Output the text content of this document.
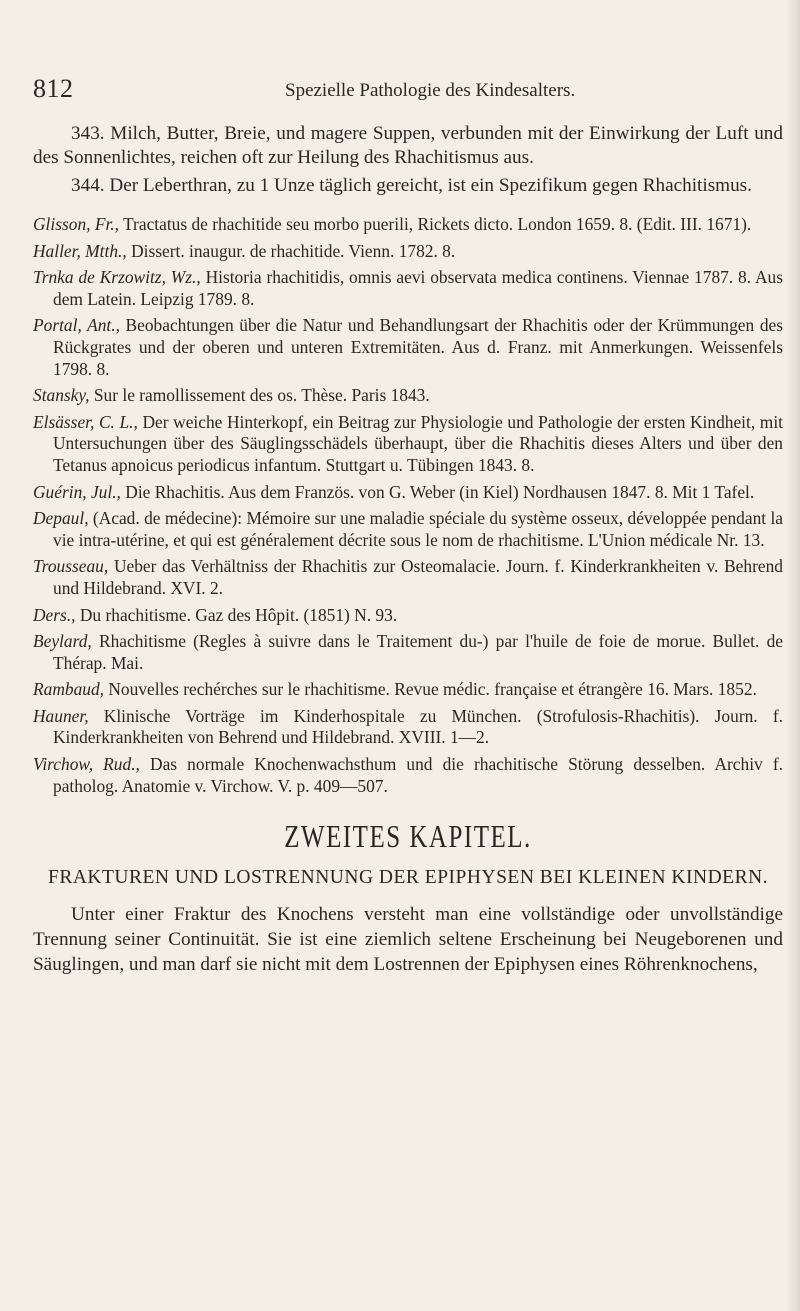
812	Spezielle Pathologie des Kindesalters.

343. Milch, Butter, Breie, und magere Suppen, verbunden mit der Einwirkung der Luft und des Sonnenlichtes, reichen oft zur Heilung des Rhachitismus aus.

344. Der Leberthran, zu 1 Unze täglich gereicht, ist ein Spezifikum gegen Rhachitismus.

Glisson, Fr., Tractatus de rhachitide seu morbo puerili, Rickets dicto. London 1659. 8. (Edit. III. 1671).

Haller, Mtth., Dissert. inaugur. de rhachitide. Vienn. 1782. 8.

Trnka de Krzowitz, Wz., Historia rhachitidis, omnis aevi observata medica continens. Viennae 1787. 8. Aus dem Latein. Leipzig 1789. 8.

Portal, Ant., Beobachtungen über die Natur und Behandlungsart der Rhachitis oder der Krümmungen des Rückgrates und der oberen und unteren Extremitäten. Aus d. Franz. mit Anmerkungen. Weissenfels 1798. 8.

Stansky, Sur le ramollissement des os. Thèse. Paris 1843.

Elsässer, C. L., Der weiche Hinterkopf, ein Beitrag zur Physiologie und Pathologie der ersten Kindheit, mit Untersuchungen über des Säuglingsschädels überhaupt, über die Rhachitis dieses Alters und über den Tetanus apnoicus periodicus infantum. Stuttgart u. Tübingen 1843. 8.

Guérin, Jul., Die Rhachitis. Aus dem Französ. von G. Weber (in Kiel) Nordhausen 1847. 8. Mit 1 Tafel.

Depaul, (Acad. de médecine): Mémoire sur une maladie spéciale du système osseux, développée pendant la vie intra-utérine, et qui est généralement décrite sous le nom de rhachitisme. L'Union médicale Nr. 13.

Trousseau, Ueber das Verhältniss der Rhachitis zur Osteomalacie. Journ. f. Kinderkrankheiten v. Behrend und Hildebrand. XVI. 2.

Ders., Du rhachitisme. Gaz des Hôpit. (1851) N. 93.

Beylard, Rhachitisme (Regles à suivre dans le Traitement du-) par l'huile de foie de morue. Bullet. de Thérap. Mai.

Rambaud, Nouvelles rechérches sur le rhachitisme. Revue médic. française et étrangère 16. Mars. 1852.

Hauner, Klinische Vorträge im Kinderhospitale zu München. (Strofulosis-Rhachitis). Journ. f. Kinderkrankheiten von Behrend und Hildebrand. XVIII. 1—2.

Virchow, Rud., Das normale Knochenwachsthum und die rhachitische Störung desselben. Archiv f. patholog. Anatomie v. Virchow. V. p. 409—507.

ZWEITES KAPITEL.
FRAKTUREN UND LOSTRENNUNG DER EPIPHYSEN BEI KLEINEN KINDERN.

Unter einer Fraktur des Knochens versteht man eine vollständige oder unvollständige Trennung seiner Continuität. Sie ist eine ziemlich seltene Erscheinung bei Neugeborenen und Säuglingen, und man darf sie nicht mit dem Lostrennen der Epiphysen eines Röhrenknochens,
